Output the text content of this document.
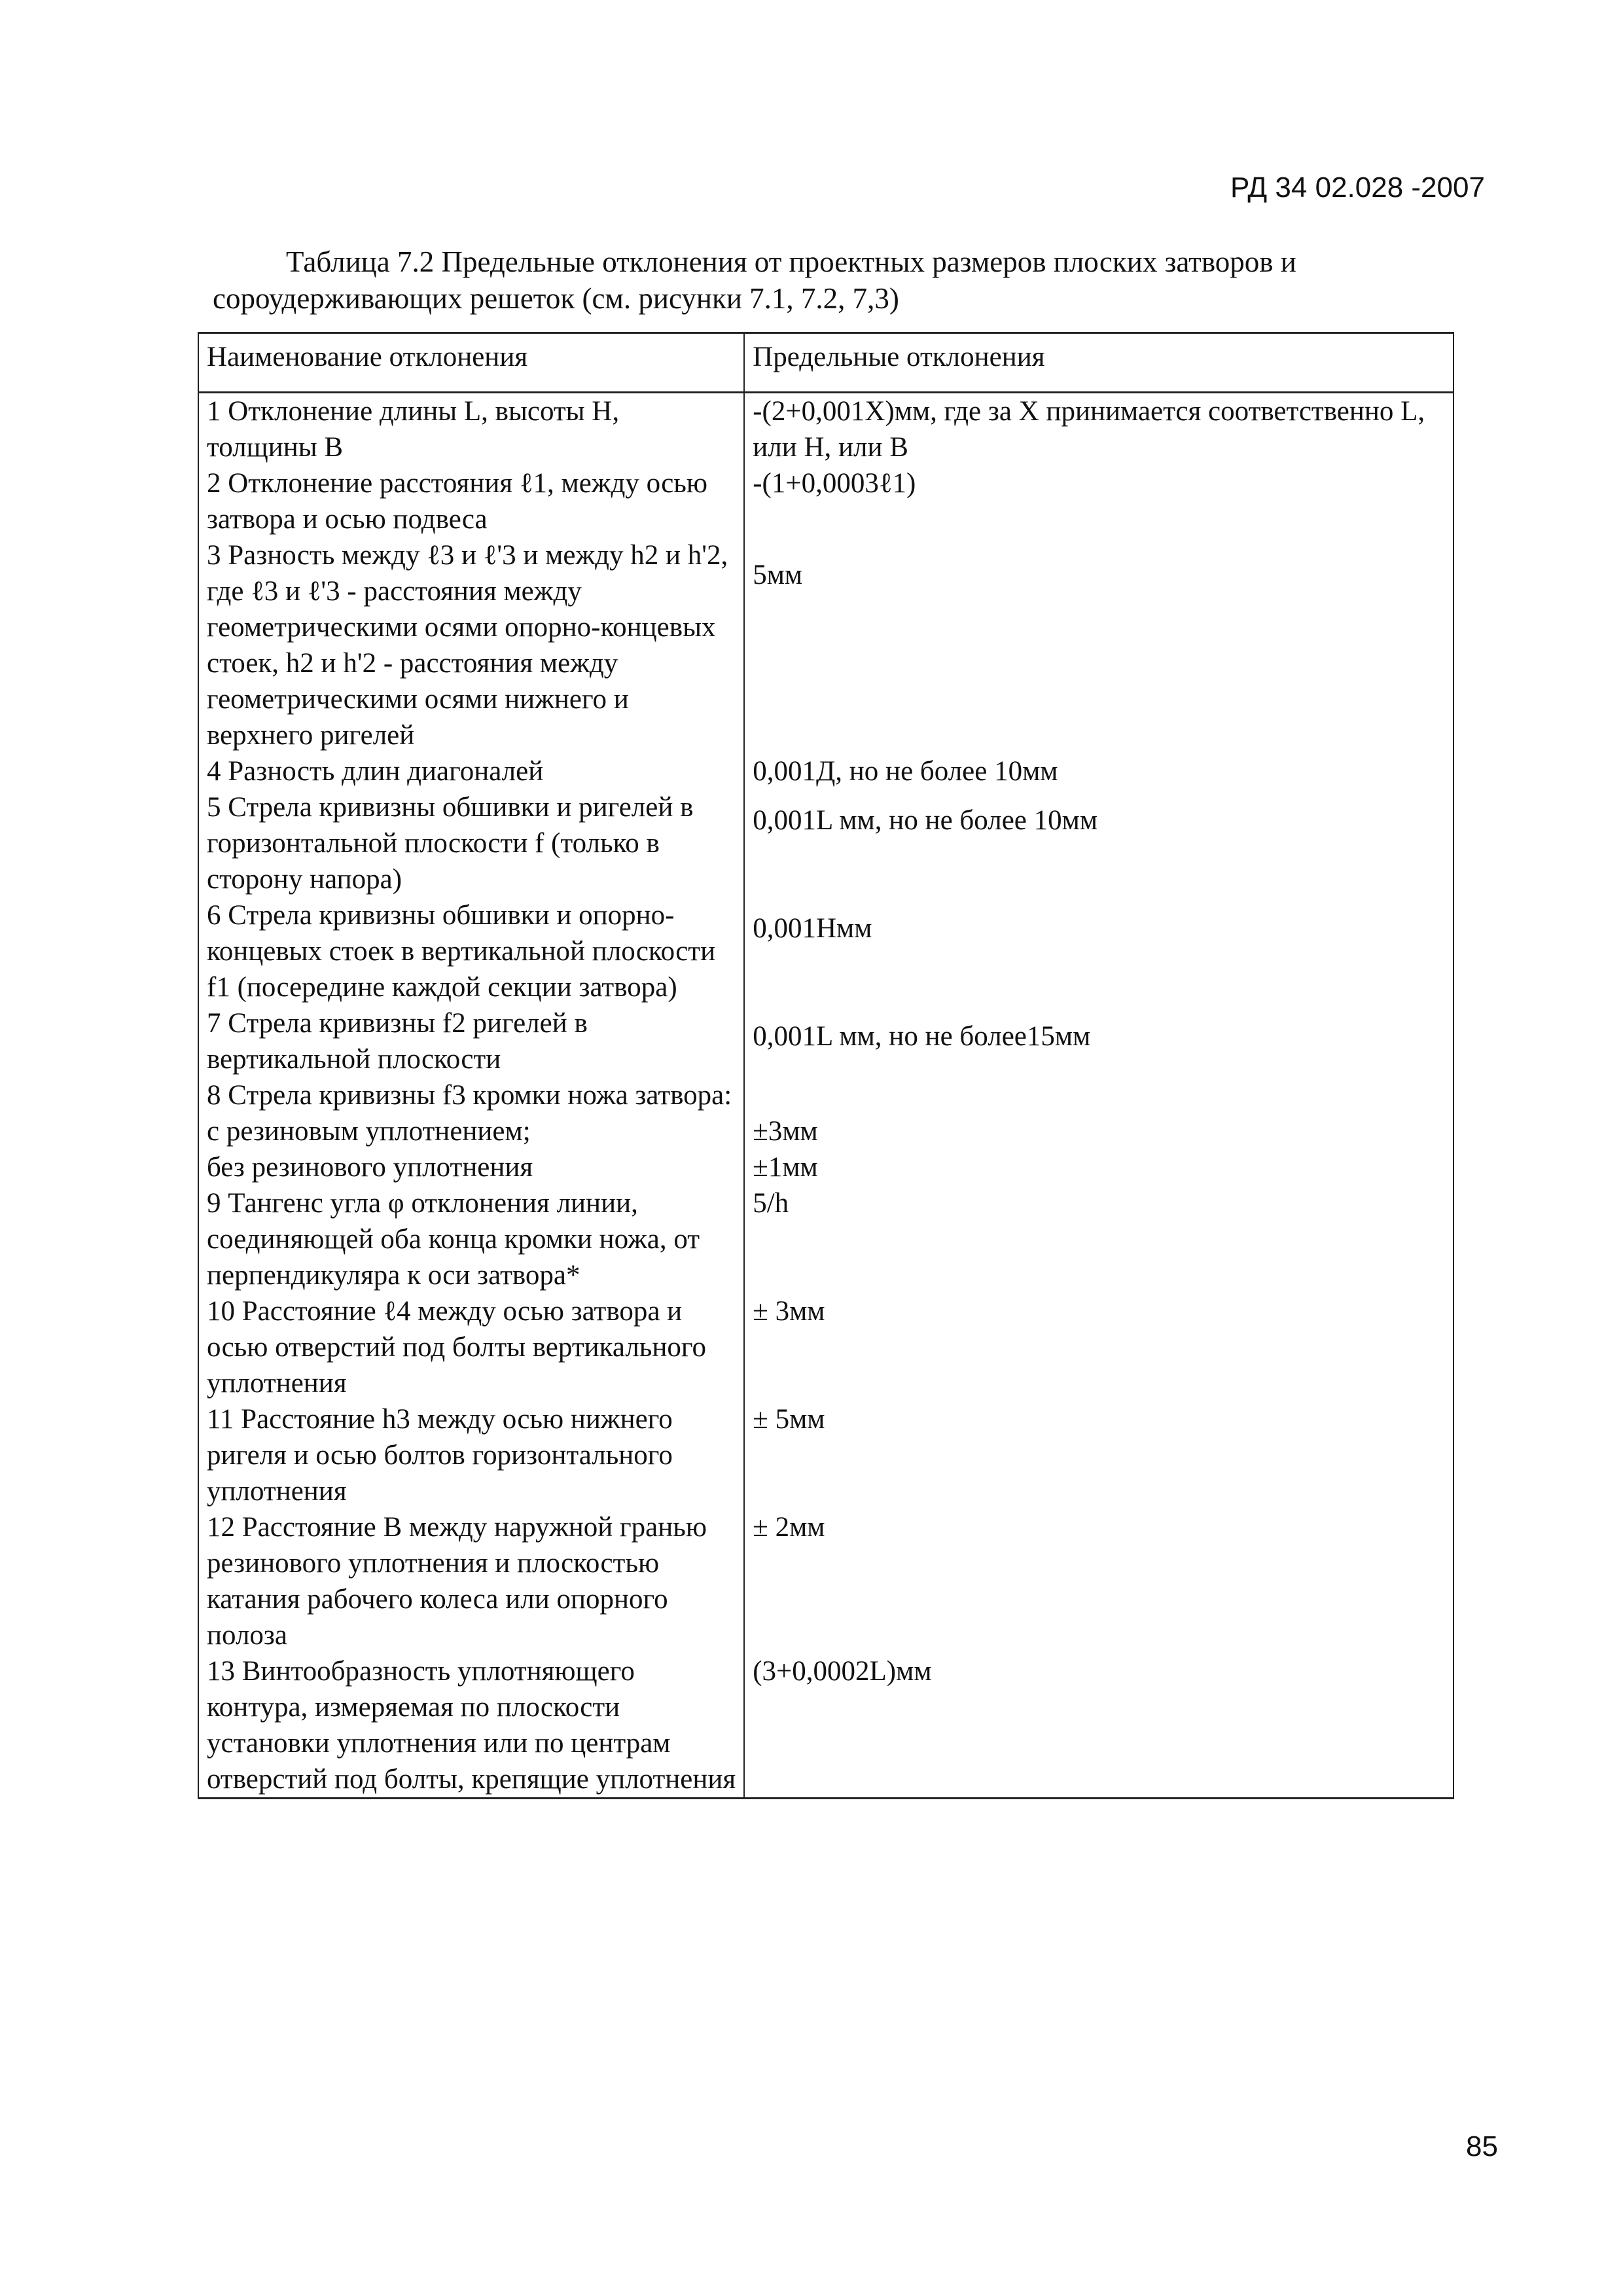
РД 34 02.028 -2007
Таблица 7.2 Предельные отклонения от проектных размеров плоских затворов и
сороудерживающих решеток (см. рисунки 7.1, 7.2, 7,3)
Наименование отклонения	Предельные отклонения
1 Отклонение длины L, высоты H, толщины B	-(2+0,001X)мм, где за X принимается соответственно L, или H, или B
2 Отклонение расстояния ℓ1, между осью затвора и осью подвеса	-(1+0,0003ℓ1)
3 Разность между ℓ3 и ℓ'3 и между h2 и h'2, где ℓ3 и ℓ'3 - расстояния между геометрическими осями опорно-концевых стоек, h2 и h'2 - расстояния между геометрическими осями нижнего и верхнего ригелей	5мм
4 Разность длин диагоналей	0,001Д, но не более 10мм
5 Стрела кривизны обшивки и ригелей в горизонтальной плоскости f (только в сторону напора)	0,001L мм, но не более 10мм
6 Стрела кривизны обшивки и опорно-концевых стоек в вертикальной плоскости f1 (посередине каждой секции затвора)	0,001Hмм
7 Стрела кривизны f2 ригелей в вертикальной плоскости	0,001L мм, но не более15мм
8 Стрела кривизны f3 кромки ножа затвора:	
с резиновым уплотнением;	±3мм
без резинового уплотнения	±1мм
9 Тангенс угла φ отклонения линии, соединяющей оба конца кромки ножа, от перпендикуляра к оси затвора*	5/h
10 Расстояние ℓ4 между осью затвора и осью отверстий под болты вертикального уплотнения	± 3мм
11 Расстояние h3 между осью нижнего ригеля и осью болтов горизонтального уплотнения	± 5мм
12 Расстояние B между наружной гранью резинового уплотнения и плоскостью катания рабочего колеса или опорного полоза	± 2мм
13 Винтообразность уплотняющего контура, измеряемая по плоскости установки уплотнения или по центрам отверстий под болты, крепящие уплотнения	(3+0,0002L)мм
85
